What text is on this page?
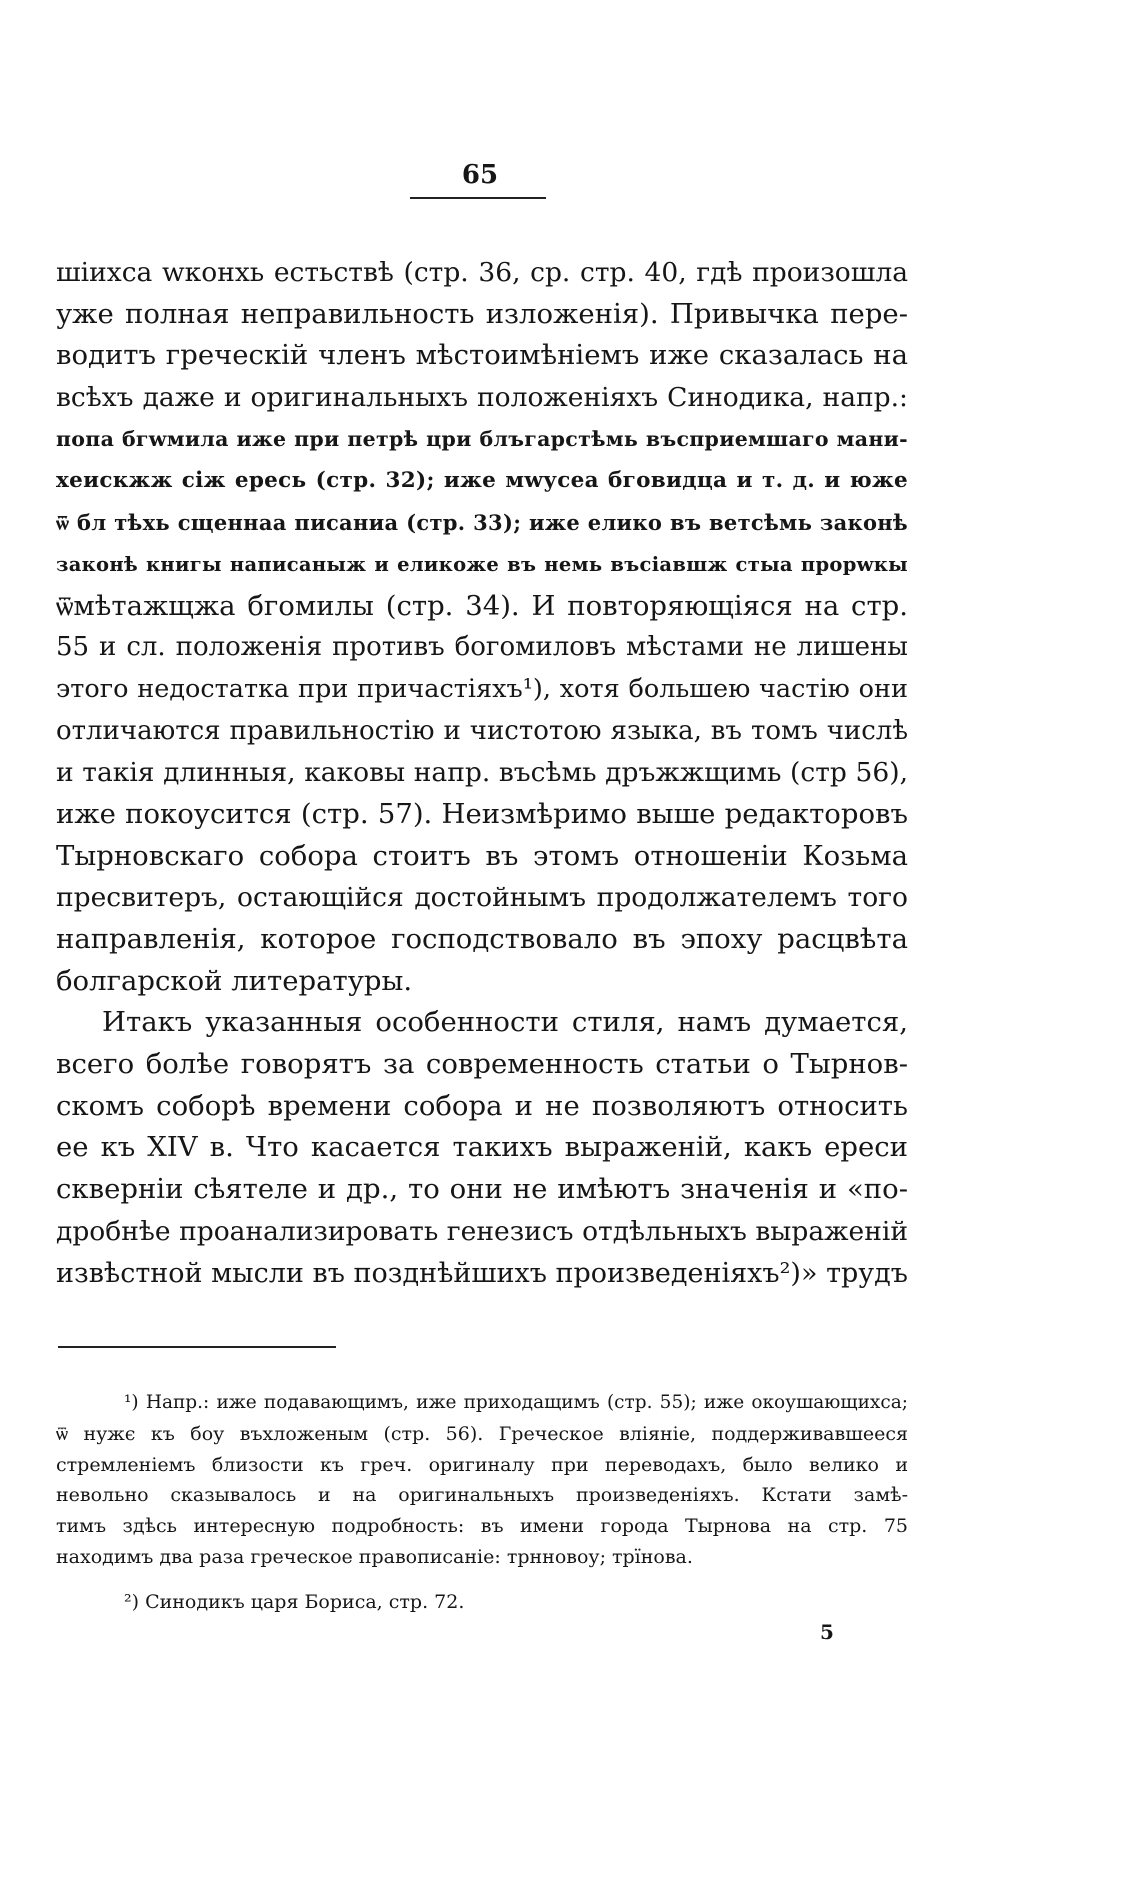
65
шiихса wконхь естьствѣ (стр. 36, ср. стр. 40, гдѣ произошла
уже полная неправильность изложенія). Привычка пере-
водитъ греческій членъ мѣстоимѣніемъ иже сказалась на
всѣхъ даже и оригинальныхъ положеніяхъ Синодика, напр.:
попа бгwмила иже при петрѣ цри блъгарстѣмь въсприемшаго мани-
хеискжж сiж ересь (стр. 32); иже мwусеа бговидца и т. д. и юже
ѿ бл тѣхь сщеннаа писаниа (стр. 33); иже елико въ ветсѣмь законѣ
законѣ книгы написаныж и еликоже въ немь въсiавшж стыа прорwкы
ѿмѣтажщжа бгомилы (стр. 34). И повторяющіяся на стр.
55 и сл. положенія противъ богомиловъ мѣстами не лишены
этого недостатка при причастіяхъ¹), хотя большею частію они
отличаются правильностію и чистотою языка, въ томъ числѣ
и такія длинныя, каковы напр. въсѣмь дръжжщимь (стр 56),
иже покоусится (стр. 57). Неизмѣримо выше редакторовъ
Тырновскаго собора стоитъ въ этомъ отношеніи Козьма
пресвитеръ, остающійся достойнымъ продолжателемъ того
направленія, которое господствовало въ эпоху расцвѣта
болгарской литературы.
Итакъ указанныя особенности стиля, намъ думается,
всего болѣе говорятъ за современность статьи о Тырнов-
скомъ соборѣ времени собора и не позволяютъ относить
ее къ XIV в. Что касается такихъ выраженій, какъ ереси
скверніи сѣятеле и др., то они не имѣютъ значенія и «по-
дробнѣе проанализировать генезисъ отдѣльныхъ выраженій
извѣстной мысли въ позднѣйшихъ произведеніяхъ²)» трудъ
¹) Напр.: иже подавающимъ, иже приходащимъ (стр. 55); иже окоушающихса;
ѿ нужє къ боу въхложеным (стр. 56). Греческое вліяніе, поддерживавшееся
стремленіемъ близости къ греч. оригиналу при переводахъ, было велико и
невольно сказывалось и на оригинальныхъ произведеніяхъ. Кстати замѣ-
тимъ здѣсь интересную подробность: въ имени города Тырнова на стр. 75
находимъ два раза греческое правописаніе: трнновоу; трїнова.
²) Синодикъ царя Бориса, стр. 72.
5
